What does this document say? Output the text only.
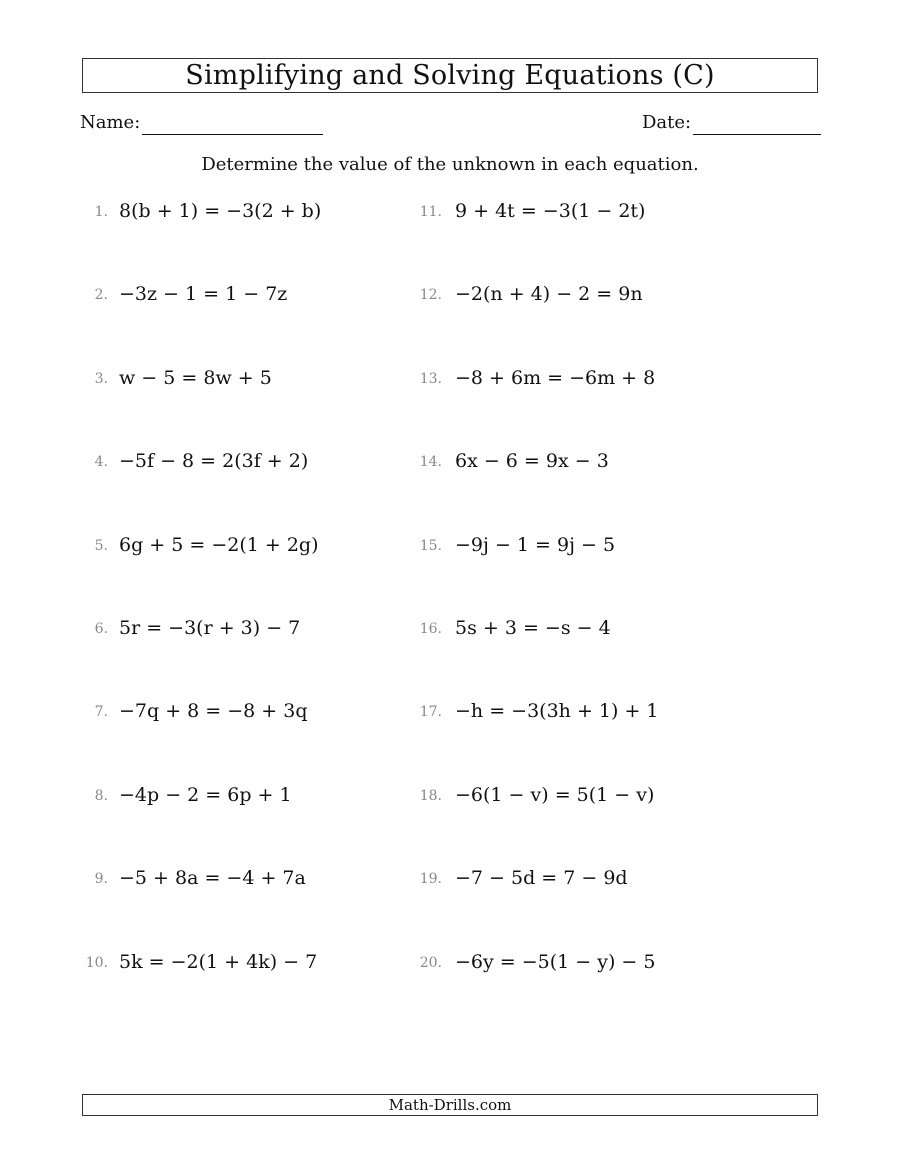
Simplifying and Solving Equations (C)
Name:	Date:
Determine the value of the unknown in each equation.
1. 8(b + 1) = −3(2 + b)
2. −3z − 1 = 1 − 7z
3. w − 5 = 8w + 5
4. −5f − 8 = 2(3f + 2)
5. 6g + 5 = −2(1 + 2g)
6. 5r = −3(r + 3) − 7
7. −7q + 8 = −8 + 3q
8. −4p − 2 = 6p + 1
9. −5 + 8a = −4 + 7a
10. 5k = −2(1 + 4k) − 7
11. 9 + 4t = −3(1 − 2t)
12. −2(n + 4) − 2 = 9n
13. −8 + 6m = −6m + 8
14. 6x − 6 = 9x − 3
15. −9j − 1 = 9j − 5
16. 5s + 3 = −s − 4
17. −h = −3(3h + 1) + 1
18. −6(1 − v) = 5(1 − v)
19. −7 − 5d = 7 − 9d
20. −6y = −5(1 − y) − 5
Math-Drills.com
